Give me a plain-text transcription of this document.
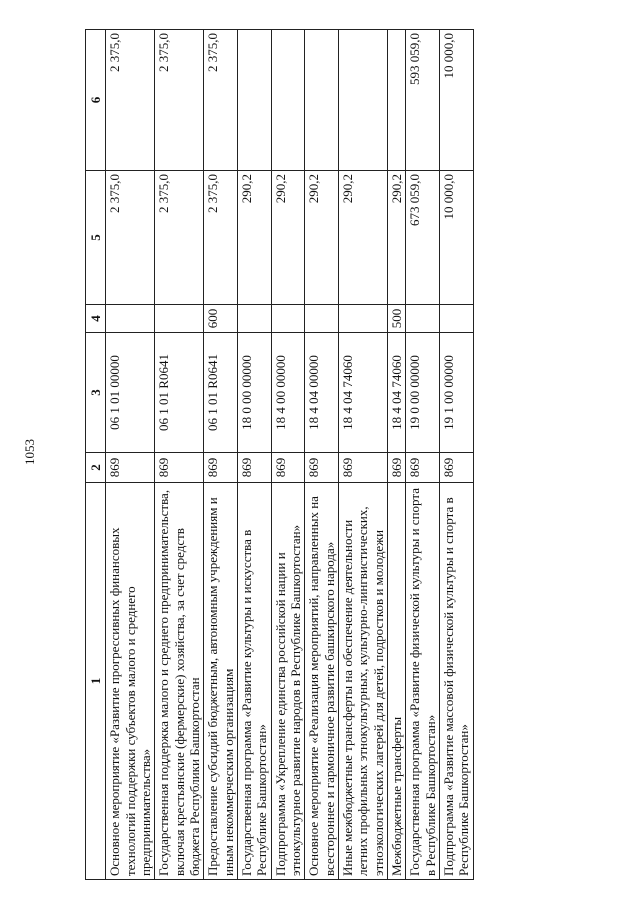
1053
1	2	3	4	5	6
Основное мероприятие «Развитие прогрессивных финансовых технологий поддержки субъектов малого и среднего предпринимательства»	869	06 1 01 00000		2 375,0	2 375,0
Государственная поддержка малого и среднего предпринимательства, включая крестьянские (фермерские) хозяйства, за счет средств бюджета Республики Башкортостан	869	06 1 01 R0641		2 375,0	2 375,0
Предоставление субсидий бюджетным, автономным учреждениям и иным некоммерческим организациям	869	06 1 01 R0641	600	2 375,0	2 375,0
Государственная программа «Развитие культуры и искусства в Республике Башкортостан»	869	18 0 00 00000		290,2	
Подпрограмма «Укрепление единства российской нации и этнокультурное развитие народов в Республике Башкортостан»	869	18 4 00 00000		290,2	
Основное мероприятие «Реализация мероприятий, направленных на всестороннее и гармоничное развитие башкирского народа»	869	18 4 04 00000		290,2	
Иные межбюджетные трансферты на обеспечение деятельности летних профильных этнокультурных, культурно-лингвистических, этноэкологических лагерей для детей, подростков и молодежи	869	18 4 04 74060		290,2	
Межбюджетные трансферты	869	18 4 04 74060	500	290,2	
Государственная программа «Развитие физической культуры и спорта в Республике Башкортостан»	869	19 0 00 00000		673 059,0	593 059,0
Подпрограмма «Развитие массовой физической культуры и спорта в Республике Башкортостан»	869	19 1 00 00000		10 000,0	10 000,0
